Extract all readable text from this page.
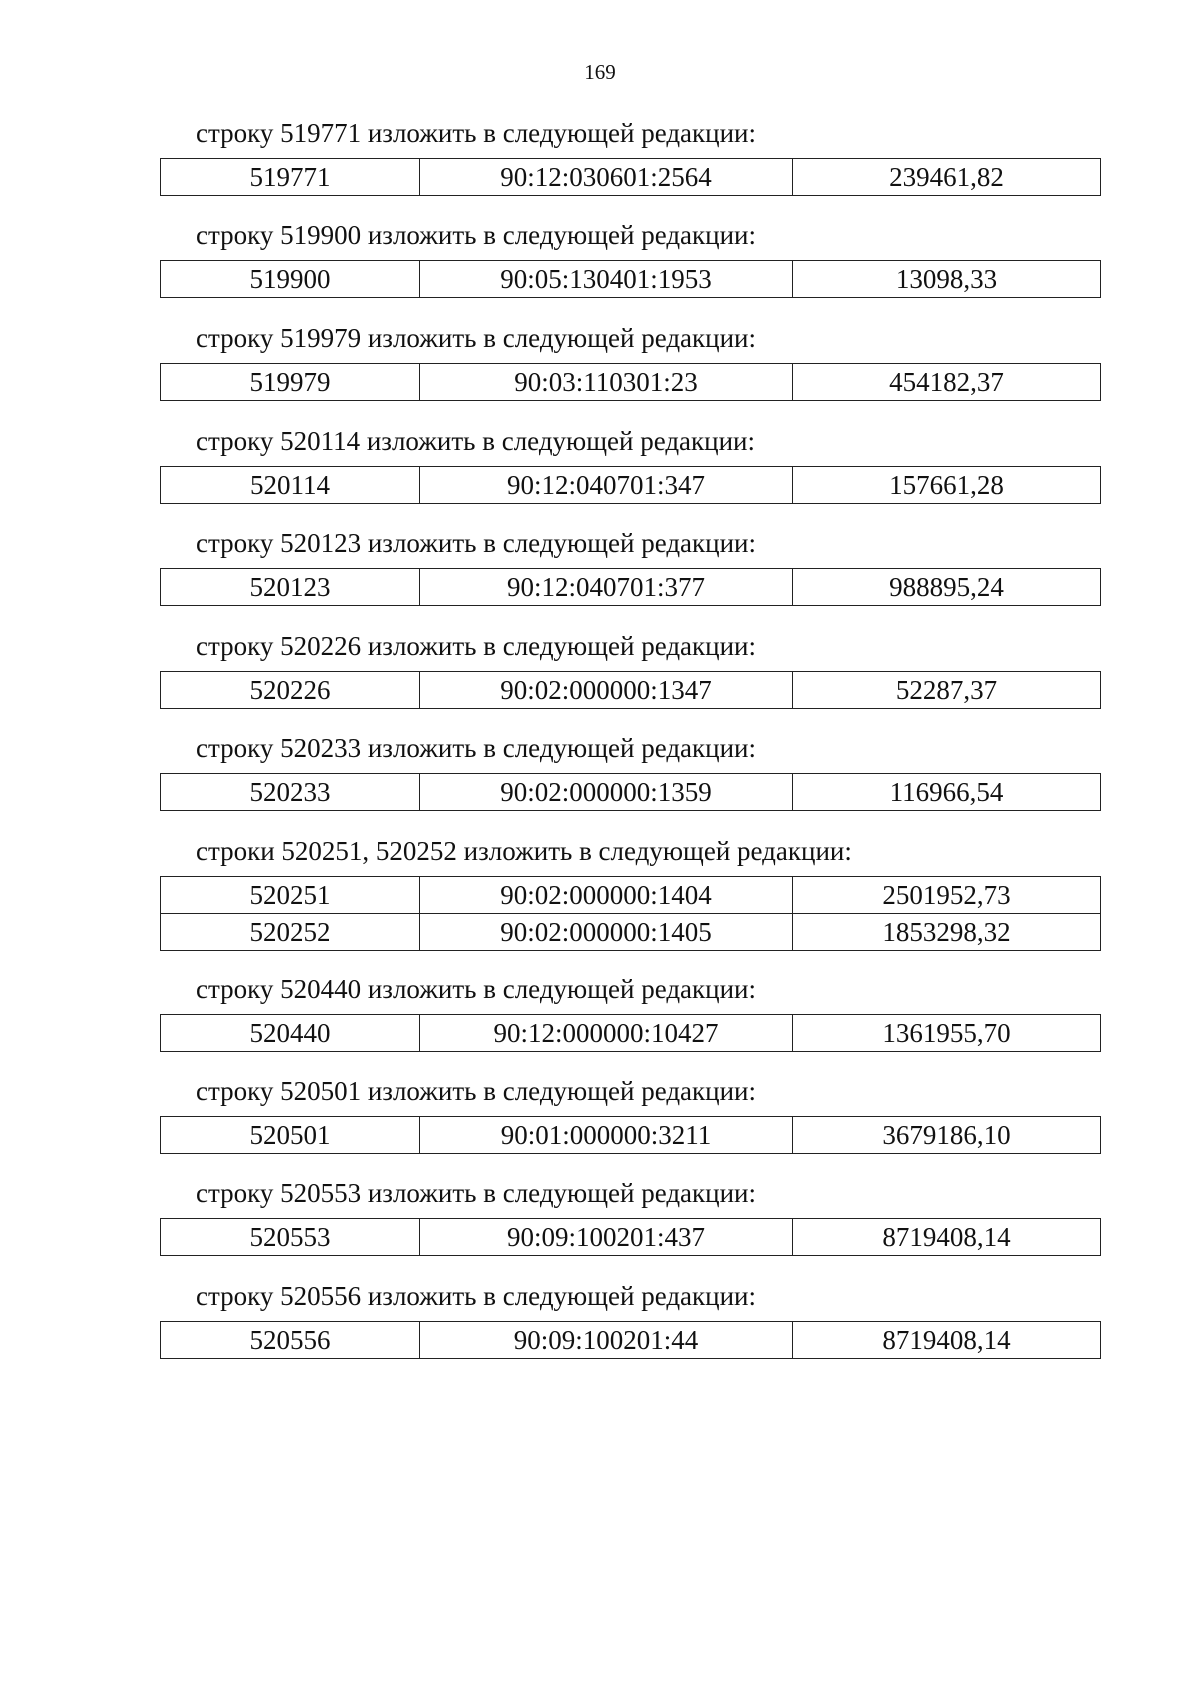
169
строку 519771 изложить в следующей редакции:
519771	90:12:030601:2564	239461,82
строку 519900 изложить в следующей редакции:
519900	90:05:130401:1953	13098,33
строку 519979 изложить в следующей редакции:
519979	90:03:110301:23	454182,37
строку 520114 изложить в следующей редакции:
520114	90:12:040701:347	157661,28
строку 520123 изложить в следующей редакции:
520123	90:12:040701:377	988895,24
строку 520226 изложить в следующей редакции:
520226	90:02:000000:1347	52287,37
строку 520233 изложить в следующей редакции:
520233	90:02:000000:1359	116966,54
строки 520251, 520252 изложить в следующей редакции:
520251	90:02:000000:1404	2501952,73
520252	90:02:000000:1405	1853298,32
строку 520440 изложить в следующей редакции:
520440	90:12:000000:10427	1361955,70
строку 520501 изложить в следующей редакции:
520501	90:01:000000:3211	3679186,10
строку 520553 изложить в следующей редакции:
520553	90:09:100201:437	8719408,14
строку 520556 изложить в следующей редакции:
520556	90:09:100201:44	8719408,14
